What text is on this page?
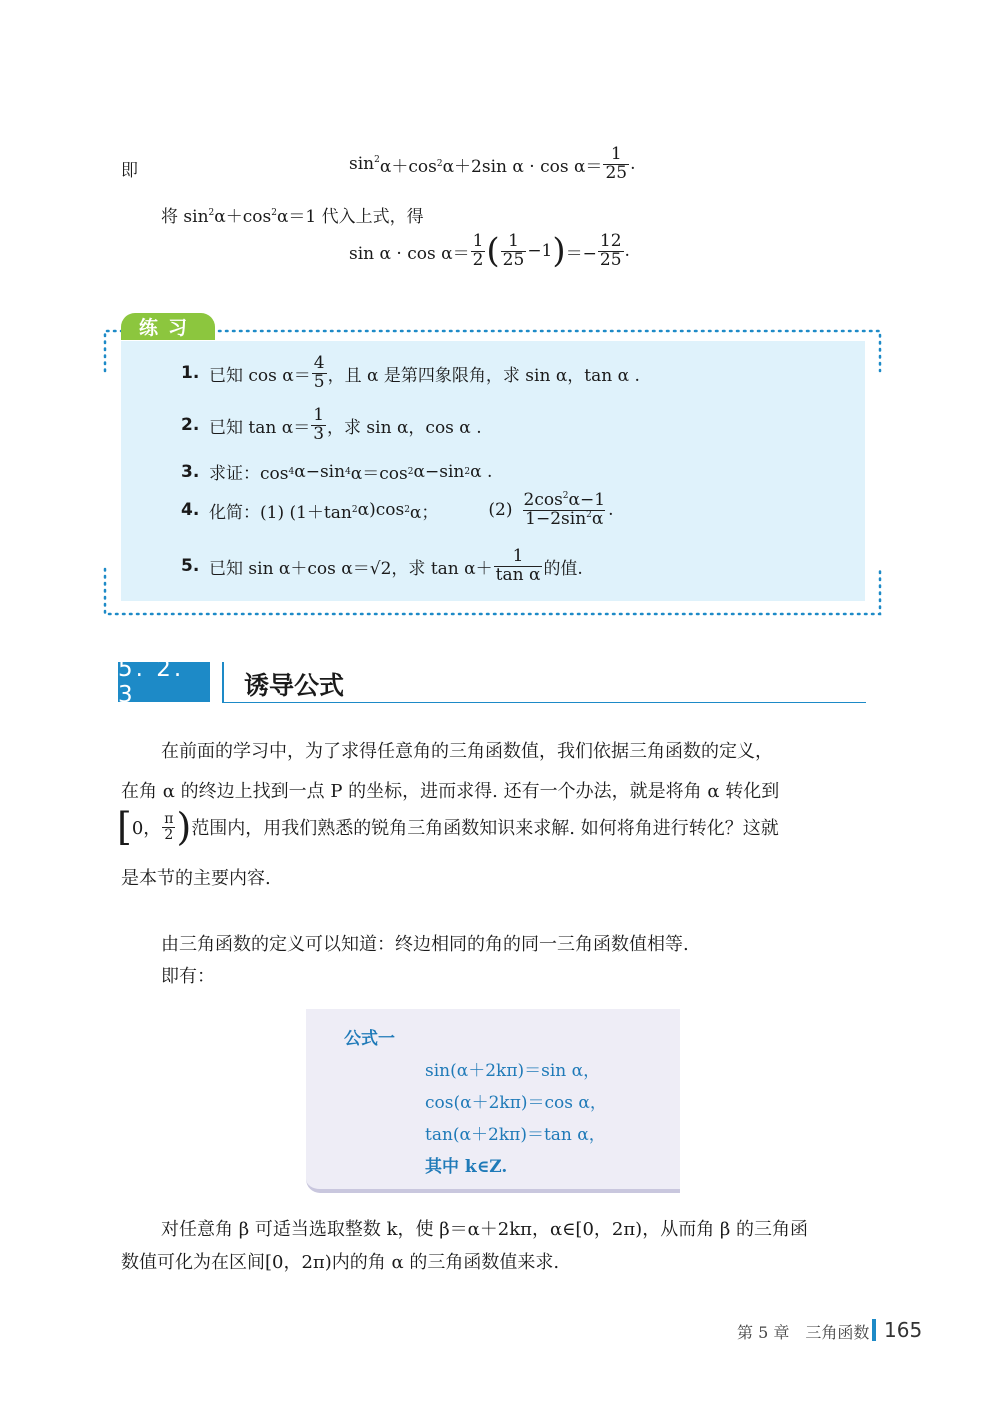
即	$\sin^2 \alpha+\cos$ 2 α＋2sin $\alpha \cdot \cos \alpha= \frac{1}{25}$ .
将 $\sin^2\alpha+\cos^2\alpha=1$ 代入上式，得
$\sin \alpha \cdot \cos \alpha= \frac{1}{2}$ ( $\frac{1}{25} -1$ ) ＝− $\frac{12}{25}$ .
练习
1. 已知 $\cos \alpha= \frac{4}{5}$ ，且 α 是第四象限角，求 sin α，tan α .
2. 已知 $\tan \alpha= \frac{1}{3}$ ，求 sin α，cos α .
3. 求证：cos 4 α−sin 4 α＝cos 2 α−sin 2 α .
4. 化简：(1) (1＋tan 2 α)cos 2 α；	$(2) \frac{2\cos^2\alpha-1}{1-2\sin^2\alpha}$ .
5. 已知 sin α＋cos α＝√2，求 $\tan \alpha+ \frac{1}{\text{tan α}}$ 的值.
5. 2. 3	诱导公式
在前面的学习中，为了求得任意角的三角函数值，我们依据三角函数的定义，
在角 α 的终边上找到一点 P 的坐标，进而求得. 还有一个办法，就是将角 α 转化到
[ 0， $\frac{\pi}{2}$ ) 范围内，用我们熟悉的锐角三角函数知识来求解. 如何将角进行转化？这就
是本节的主要内容.
由三角函数的定义可以知道：终边相同的角的同一三角函数值相等.
即有：
公式一
sin(α＋2kπ)＝sin α，
cos(α＋2kπ)＝cos α，
tan(α＋2kπ)＝tan α，
其中 k∈Z.
对任意角 β 可适当选取整数 k，使 β＝α＋2kπ，α∈[0，2π)，从而角 β 的三角函
数值可化为在区间[0，2π)内的角 α 的三角函数值来求.
第 5 章　三角函数 165
